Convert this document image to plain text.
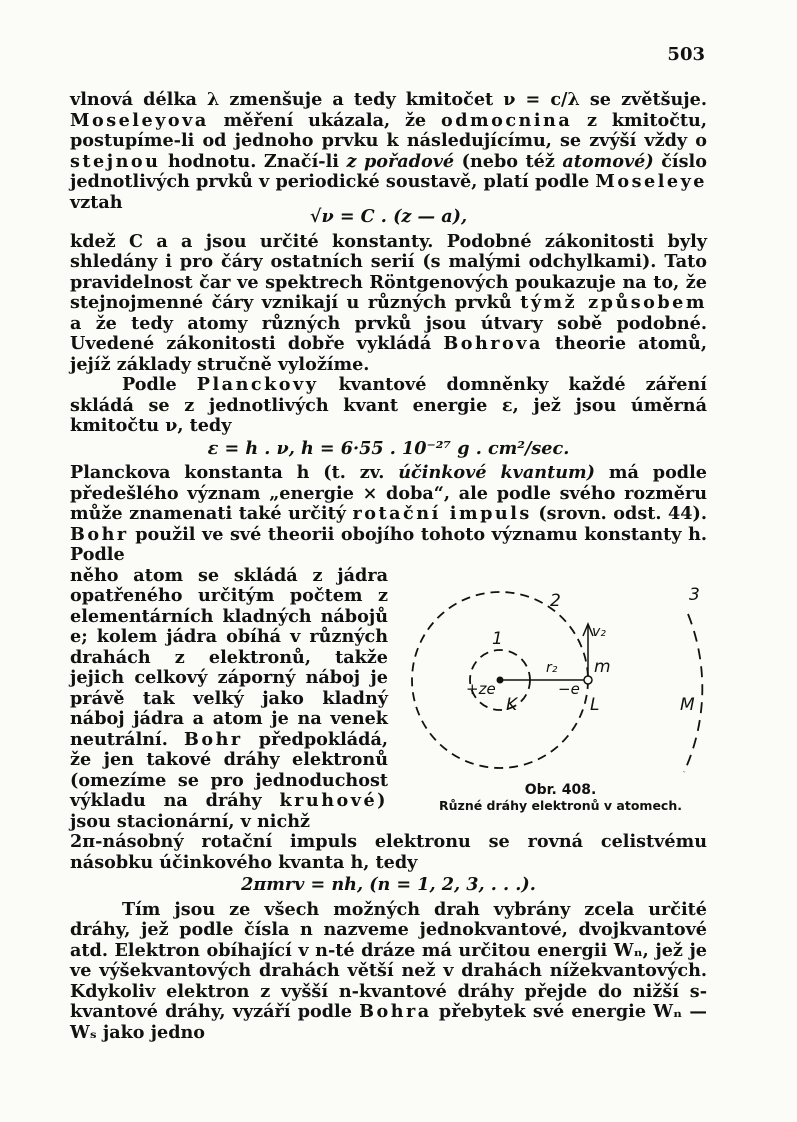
503

vlnová délka λ zmenšuje a tedy kmitočet ν = c/λ se zvětšuje. Moseleyova měření ukázala, že odmocnina z kmitočtu, postupíme-li od jednoho prvku k následujícímu, se zvýší vždy o stejnou hodnotu. Značí-li z pořadové (nebo též atomové) číslo jednotlivých prvků v periodické soustavě, platí podle Moseleye vztah

√ν = C . (z — a),

kdež C a a jsou určité konstanty. Podobné zákonitosti byly shledány i pro čáry ostatních serií (s malými odchylkami). Tato pravidelnost čar ve spektrech Röntgenových poukazuje na to, že stejnojmenné čáry vznikají u různých prvků týmž způsobem a že tedy atomy různých prvků jsou útvary sobě podobné. Uvedené zákonitosti dobře vykládá Bohrova theorie atomů, jejíž základy stručně vyložíme.

Podle Planckovy kvantové domněnky každé záření skládá se z jednotlivých kvant energie ε, jež jsou úměrná kmitočtu ν, tedy

ε = h . ν, h = 6·55 . 10⁻²⁷ g . cm²/sec.

Planckova konstanta h (t. zv. účinkové kvantum) má podle předešlého význam „energie × doba“, ale podle svého rozměru může znamenati také určitý rotační impuls (srovn. odst. 44). Bohr použil ve své theorii obojího tohoto významu konstanty h. Podle

něho atom se skládá z jádra opatřeného určitým počtem z elementárních kladných nábojů e; kolem jádra obíhá v různých drahách z elektronů, takže jejich celkový záporný náboj je právě tak velký jako kladný náboj jádra a atom je na venek neutrální. Bohr předpokládá, že jen takové dráhy elektronů (omezíme se pro jednoduchost výkladu na dráhy kruhové) jsou stacionární, v nichž

1
2	3
v₂
r₂ m
+ze	−e
K	L	M
Obr. 408.
Různé dráhy elektronů v atomech.

2π-násobný rotační impuls elektronu se rovná celistvému násobku účinkového kvanta h, tedy

2πmrv = nh, (n = 1, 2, 3, . . .).

Tím jsou ze všech možných drah vybrány zcela určité dráhy, jež podle čísla n nazveme jednokvantové, dvojkvantové atd. Elektron obíhající v n-té dráze má určitou energii Wₙ, jež je ve výšekvantových drahách větší než v drahách nížekvantových. Kdykoliv elektron z vyšší n-kvantové dráhy přejde do nižší s-kvantové dráhy, vyzáří podle Bohra přebytek své energie Wₙ — Wₛ jako jedno
